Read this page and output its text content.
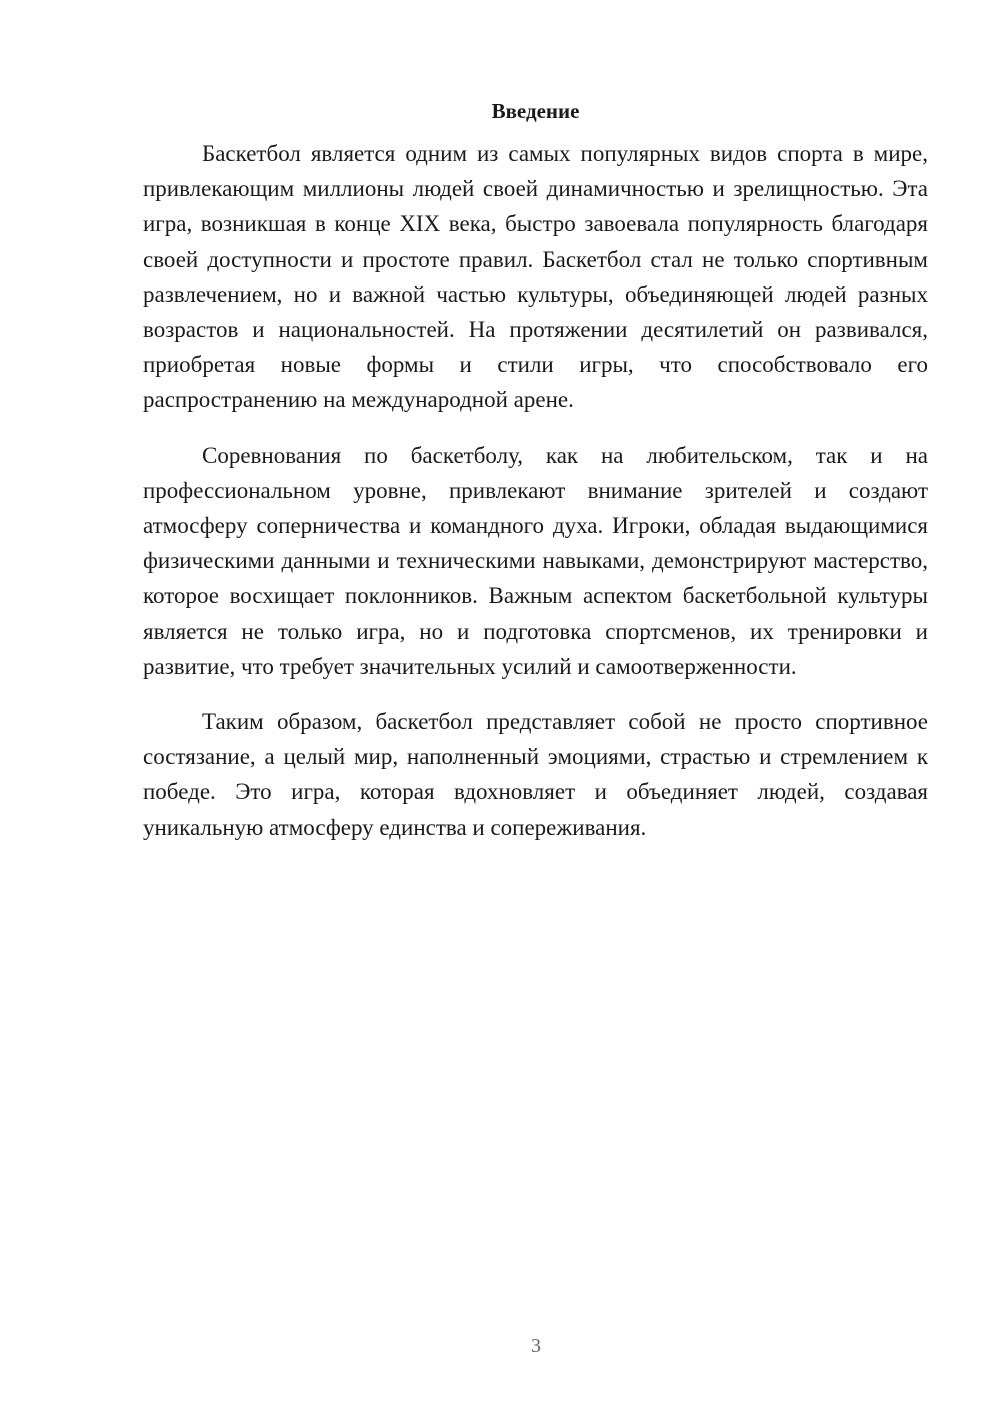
Введение

Баскетбол является одним из самых популярных видов спорта в мире, привлекающим миллионы людей своей динамичностью и зрелищностью. Эта игра, возникшая в конце XIX века, быстро завоевала популярность благодаря своей доступности и простоте правил. Баскетбол стал не только спортивным развлечением, но и важной частью культуры, объединяющей людей разных возрастов и национальностей. На протяжении десятилетий он развивался, приобретая новые формы и стили игры, что способствовало его распространению на международной арене.

Соревнования по баскетболу, как на любительском, так и на профессиональном уровне, привлекают внимание зрителей и создают атмосферу соперничества и командного духа. Игроки, обладая выдающимися физическими данными и техническими навыками, демонстрируют мастерство, которое восхищает поклонников. Важным аспектом баскетбольной культуры является не только игра, но и подготовка спортсменов, их тренировки и развитие, что требует значительных усилий и самоотверженности.

Таким образом, баскетбол представляет собой не просто спортивное состязание, а целый мир, наполненный эмоциями, страстью и стремлением к победе. Это игра, которая вдохновляет и объединяет людей, создавая уникальную атмосферу единства и сопереживания.

3
